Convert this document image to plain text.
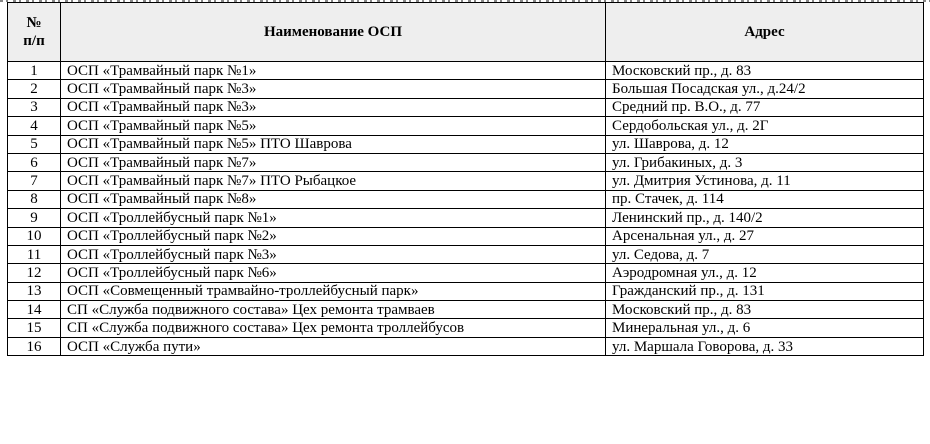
№
п/п	Наименование ОСП	Адрес
1	ОСП «Трамвайный парк №1»	Московский пр., д. 83
2	ОСП «Трамвайный парк №3»	Большая Посадская ул., д.24/2
3	ОСП «Трамвайный парк №3»	Средний пр. В.О., д. 77
4	ОСП «Трамвайный парк №5»	Сердобольская ул., д. 2Г
5	ОСП «Трамвайный парк №5» ПТО Шаврова	ул. Шаврова, д. 12
6	ОСП «Трамвайный парк №7»	ул. Грибакиных, д. 3
7	ОСП «Трамвайный парк №7» ПТО Рыбацкое	ул. Дмитрия Устинова, д. 11
8	ОСП «Трамвайный парк №8»	пр. Стачек, д. 114
9	ОСП «Троллейбусный парк №1»	Ленинский пр., д. 140/2
10	ОСП «Троллейбусный парк №2»	Арсенальная ул., д. 27
11	ОСП «Троллейбусный парк №3»	ул. Седова, д. 7
12	ОСП «Троллейбусный парк №6»	Аэродромная ул., д. 12
13	ОСП «Совмещенный трамвайно-троллейбусный парк»	Гражданский пр., д. 131
14	СП «Служба подвижного состава» Цех ремонта трамваев	Московский пр., д. 83
15	СП «Служба подвижного состава» Цех ремонта троллейбусов	Минеральная ул., д. 6
16	ОСП «Служба пути»	ул. Маршала Говорова, д. 33
